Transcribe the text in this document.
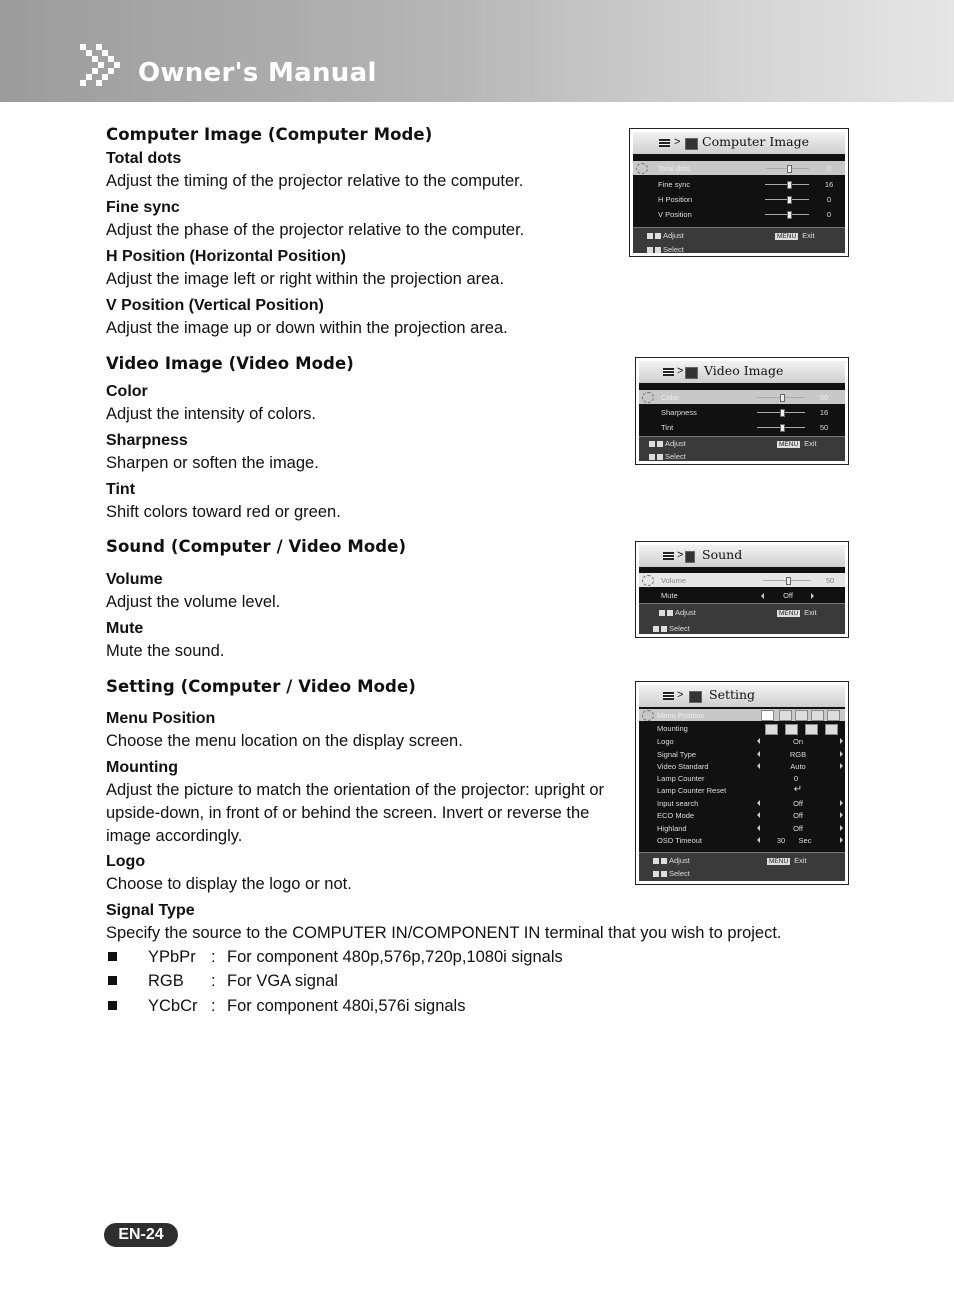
Owner's Manual
Computer Image (Computer Mode)
Total dots
Adjust the timing of the projector relative to the computer.
Fine sync
Adjust the phase of the projector relative to the computer.
H Position (Horizontal Position)
Adjust the image left or right within the projection area.
V Position (Vertical Position)
Adjust the image up or down within the projection area.
Video Image (Video Mode)
Color
Adjust the intensity of colors.
Sharpness
Sharpen or soften the image.
Tint
Shift colors toward red or green.
Sound (Computer / Video Mode)
Volume
Adjust the volume level.
Mute
Mute the sound.
Setting (Computer / Video Mode)
Menu Position
Choose the menu location on the display screen.
Mounting
Adjust the picture to match the orientation of the projector: upright or upside-down, in front of or behind the screen. Invert or reverse the image accordingly.
Logo
Choose to display the logo or not.
Signal Type
Specify the source to the COMPUTER IN/COMPONENT IN terminal that you wish to project.
YPbPr : For component 480p,576p,720p,1080i signals
RGB : For VGA signal
YCbCr : For component 480i,576i signals
> Computer Image
Total dots	0
Fine sync	16
H Position	0
V Position	0
Adjust	MENU Exit
Select
> Video Image
Color	50
Sharpness	16
Tint	50
Adjust	MENU Exit
Select
> Sound
Volume	50
Mute	Off
Adjust	MENU Exit
Select
> Setting
Menu Position
Mounting
Logo	On
Signal Type	RGB
Video Standard	Auto
Lamp Counter	0
Lamp Counter Reset	↵
Input search	Off
ECO Mode	Off
Highland	Off
OSD Timeout	30	Sec
Adjust	MENU Exit
Select
EN-24
